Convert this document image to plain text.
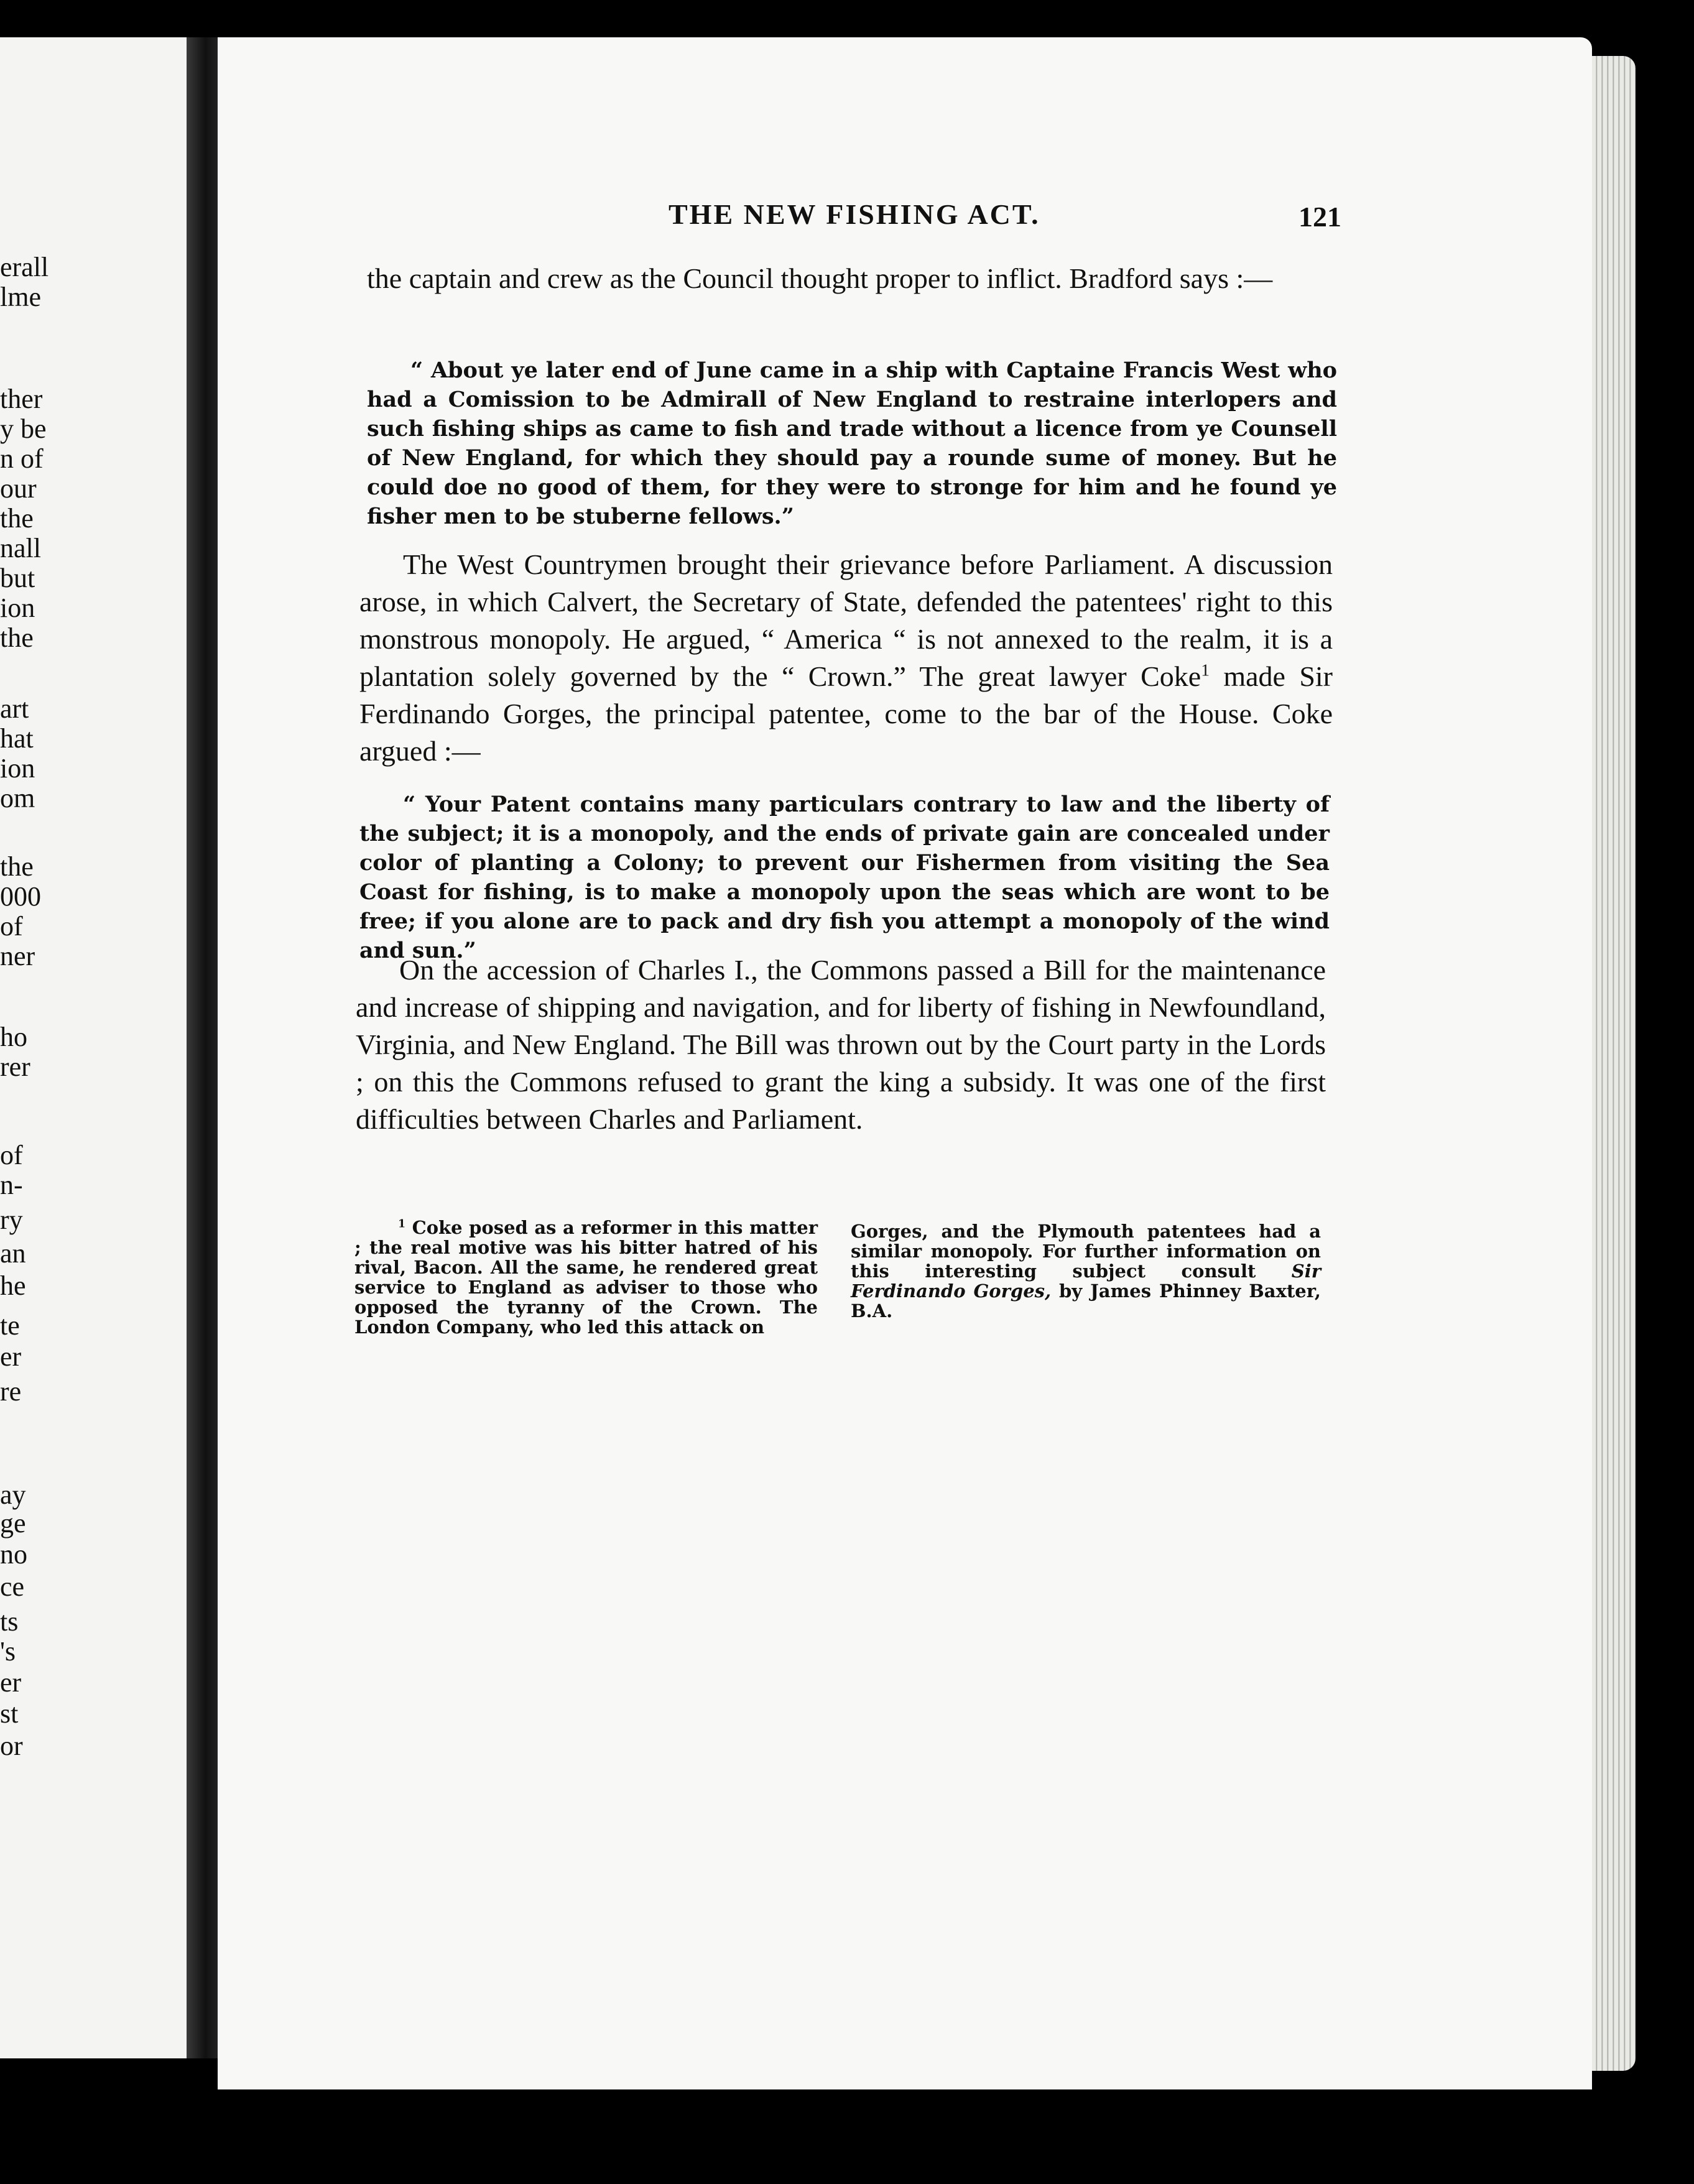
erall
lme
ther
y be
n of
our
the
nall
but
ion
the
art
hat
ion
om
the
000
of
ner
ho
rer
of
n-
ry
an
he
te
er
re
ay
ge
no
ce
ts
's
er
st
or
THE NEW FISHING ACT.	121

the captain and crew as the Council thought proper to inflict. Bradford says :—

“ About ye later end of June came in a ship with Captaine Francis West who had a Comission to be Admirall of New England to restraine interlopers and such fishing ships as came to fish and trade without a licence from ye Counsell of New England, for which they should pay a rounde sume of money. But he could doe no good of them, for they were to stronge for him and he found ye fisher men to be stuberne fellows.”

The West Countrymen brought their grievance before Parliament. A discussion arose, in which Calvert, the Secretary of State, defended the patentees' right to this monstrous monopoly. He argued, “ America “ is not annexed to the realm, it is a plantation solely governed by the “ Crown.” The great lawyer Coke$^1$ made Sir Ferdinando Gorges, the principal patentee, come to the bar of the House. Coke argued :—

“ Your Patent contains many particulars contrary to law and the liberty of the subject; it is a monopoly, and the ends of private gain are concealed under color of planting a Colony; to prevent our Fishermen from visiting the Sea Coast for fishing, is to make a monopoly upon the seas which are wont to be free; if you alone are to pack and dry fish you attempt a monopoly of the wind and sun.”

On the accession of Charles I., the Commons passed a Bill for the maintenance and increase of shipping and navigation, and for liberty of fishing in Newfoundland, Virginia, and New England. The Bill was thrown out by the Court party in the Lords ; on this the Commons refused to grant the king a subsidy. It was one of the first difficulties between Charles and Parliament.

$^1$ Coke posed as a reformer in this matter ; the real motive was his bitter hatred of his rival, Bacon. All the same, he rendered great service to England as adviser to those who opposed the tyranny of the Crown. The London Company, who led this attack on

Gorges, and the Plymouth patentees had a similar monopoly. For further information on this interesting subject consult Sir Ferdinando Gorges, by James Phinney Baxter, B.A.
